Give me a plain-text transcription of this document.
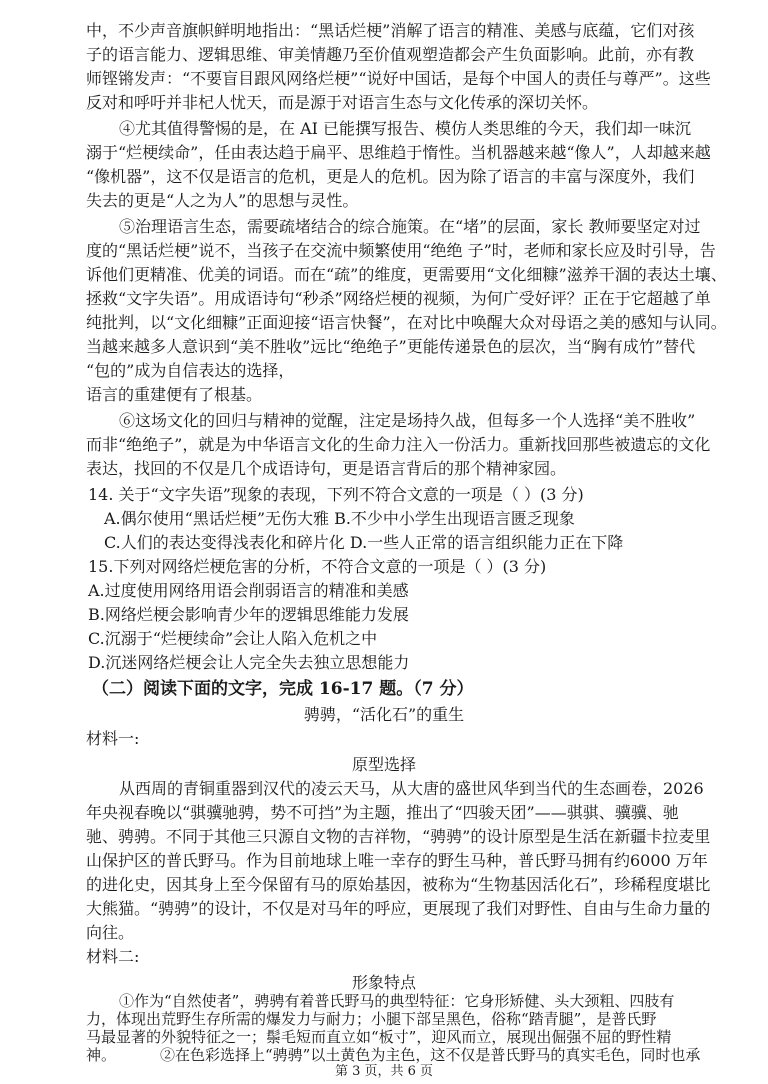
中，不少声音旗帜鲜明地指出：“黑话烂梗”消解了语言的精准、美感与底蕴，它们对孩
子的语言能力、逻辑思维、审美情趣乃至价值观塑造都会产生负面影响。此前，亦有教
师铿锵发声：“不要盲目跟风网络烂梗”“说好中国话，是每个中国人的责任与尊严”。这些
反对和呼吁并非杞人忧天，而是源于对语言生态与文化传承的深切关怀。
④尤其值得警惕的是，在 AI 已能撰写报告、模仿人类思维的今天，我们却一味沉
溺于“烂梗续命”，任由表达趋于扁平、思维趋于惰性。当机器越来越“像人”，人却越来越
“像机器”，这不仅是语言的危机，更是人的危机。因为除了语言的丰富与深度外，我们
失去的更是“人之为人”的思想与灵性。
⑤治理语言生态，需要疏堵结合的综合施策。在“堵”的层面，家长 教师要坚定对过
度的“黑话烂梗”说不，当孩子在交流中频繁使用“绝绝 子”时，老师和家长应及时引导，告
诉他们更精准、优美的词语。而在“疏”的维度，更需要用“文化细糠”滋养干涸的表达土壤、
拯救“文字失语”。用成语诗句“秒杀”网络烂梗的视频，为何广受好评？正在于它超越了单
纯批判，以“文化细糠”正面迎接“语言快餐”，在对比中唤醒大众对母语之美的感知与认同。
当越来越多人意识到“美不胜收”远比“绝绝子”更能传递景色的层次，当“胸有成竹”替代
“包的”成为自信表达的选择，
语言的重建便有了根基。
⑥这场文化的回归与精神的觉醒，注定是场持久战，但每多一个人选择“美不胜收”
而非“绝绝子”，就是为中华语言文化的生命力注入一份活力。重新找回那些被遗忘的文化
表达，找回的不仅是几个成语诗句，更是语言背后的那个精神家园。
14. 关于“文字失语”现象的表现，下列不符合文意的一项是（ ）(3 分)
A.偶尔使用“黑话烂梗”无伤大雅 B.不少中小学生出现语言匮乏现象
C.人们的表达变得浅表化和碎片化 D.一些人正常的语言组织能力正在下降
15.下列对网络烂梗危害的分析，不符合文意的一项是（ ）(3 分)
A.过度使用网络用语会削弱语言的精准和美感
B.网络烂梗会影响青少年的逻辑思维能力发展
C.沉溺于“烂梗续命”会让人陷入危机之中
D.沉迷网络烂梗会让人完全失去独立思想能力
（二）阅读下面的文字，完成 16-17 题。（7 分）
骋骋，“活化石”的重生
材料一:
原型选择
从西周的青铜重器到汉代的凌云天马，从大唐的盛世风华到当代的生态画卷，2026
年央视春晚以“骐骥驰骋，势不可挡”为主题，推出了“四骏天团”——骐骐、骥骥、驰
驰、骋骋。不同于其他三只源自文物的吉祥物，“骋骋”的设计原型是生活在新疆卡拉麦里
山保护区的普氏野马。作为目前地球上唯一幸存的野生马种，普氏野马拥有约6000 万年
的进化史，因其身上至今保留有马的原始基因，被称为“生物基因活化石”，珍稀程度堪比
大熊猫。“骋骋”的设计，不仅是对马年的呼应，更展现了我们对野性、自由与生命力量的
向往。
材料二:
形象特点
①作为“自然使者”，骋骋有着普氏野马的典型特征：它身形矫健、头大颈粗、四肢有
力，体现出荒野生存所需的爆发力与耐力；小腿下部呈黑色，俗称“踏青腿”，是普氏野
马最显著的外貌特征之一；鬃毛短而直立如“板寸”，迎风而立，展现出倔强不屈的野性精
神。	②在色彩选择上“骋骋”以土黄色为主色，这不仅是普氏野马的真实毛色，同时也承
第 3 页，共 6 页
